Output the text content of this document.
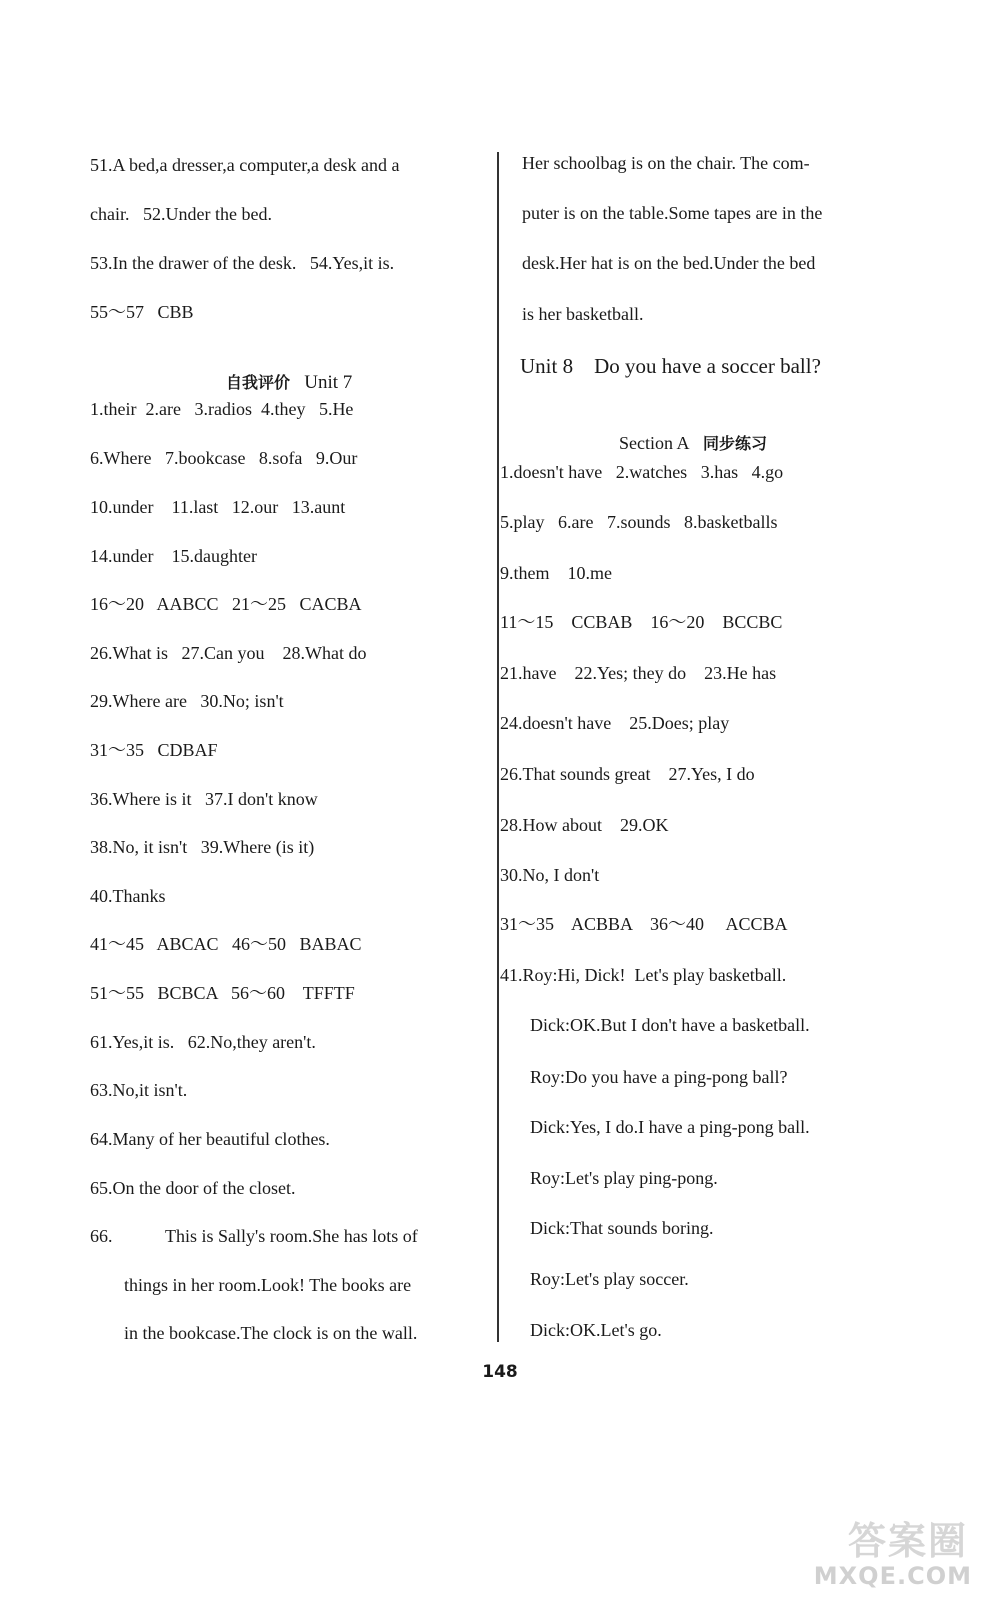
51.A bed,a dresser,a computer,a desk and a
chair.   52.Under the bed.
53.In the drawer of the desk.   54.Yes,it is.
55～57   CBB

自我评价 Unit 7

1.their  2.are   3.radios  4.they   5.He
6.Where   7.bookcase   8.sofa   9.Our
10.under    11.last   12.our   13.aunt
14.under    15.daughter
16～20   AABCC   21～25   CACBA
26.What is   27.Can you    28.What do
29.Where are   30.No; isn't
31～35   CDBAF
36.Where is it   37.I don't know
38.No, it isn't   39.Where (is it)
40.Thanks
41～45   ABCAC   46～50   BABAC
51～55   BCBCA   56～60    TFFTF
61.Yes,it is.   62.No,they aren't.
63.No,it isn't.
64.Many of her beautiful clothes.
65.On the door of the closet.
66.	This is Sally's room.She has lots of
things in her room.Look! The books are
in the bookcase.The clock is on the wall.
Her schoolbag is on the chair. The com-
puter is on the table.Some tapes are in the
desk.Her hat is on the bed.Under the bed
is her basketball.
Unit 8    Do you have a soccer ball?

Section A 同步练习

1.doesn't have   2.watches   3.has   4.go
5.play   6.are   7.sounds   8.basketballs
9.them    10.me
11～15    CCBAB    16～20    BCCBC
21.have    22.Yes; they do    23.He has
24.doesn't have    25.Does; play
26.That sounds great    27.Yes, I do
28.How about    29.OK
30.No, I don't
31～35    ACBBA    36～40     ACCBA
41.Roy:Hi, Dick!  Let's play basketball.
Dick:OK.But I don't have a basketball.
Roy:Do you have a ping-pong ball?
Dick:Yes, I do.I have a ping-pong ball.
Roy:Let's play ping-pong.
Dick:That sounds boring.
Roy:Let's play soccer.
Dick:OK.Let's go.
148
答案圈
MXQE.COM
